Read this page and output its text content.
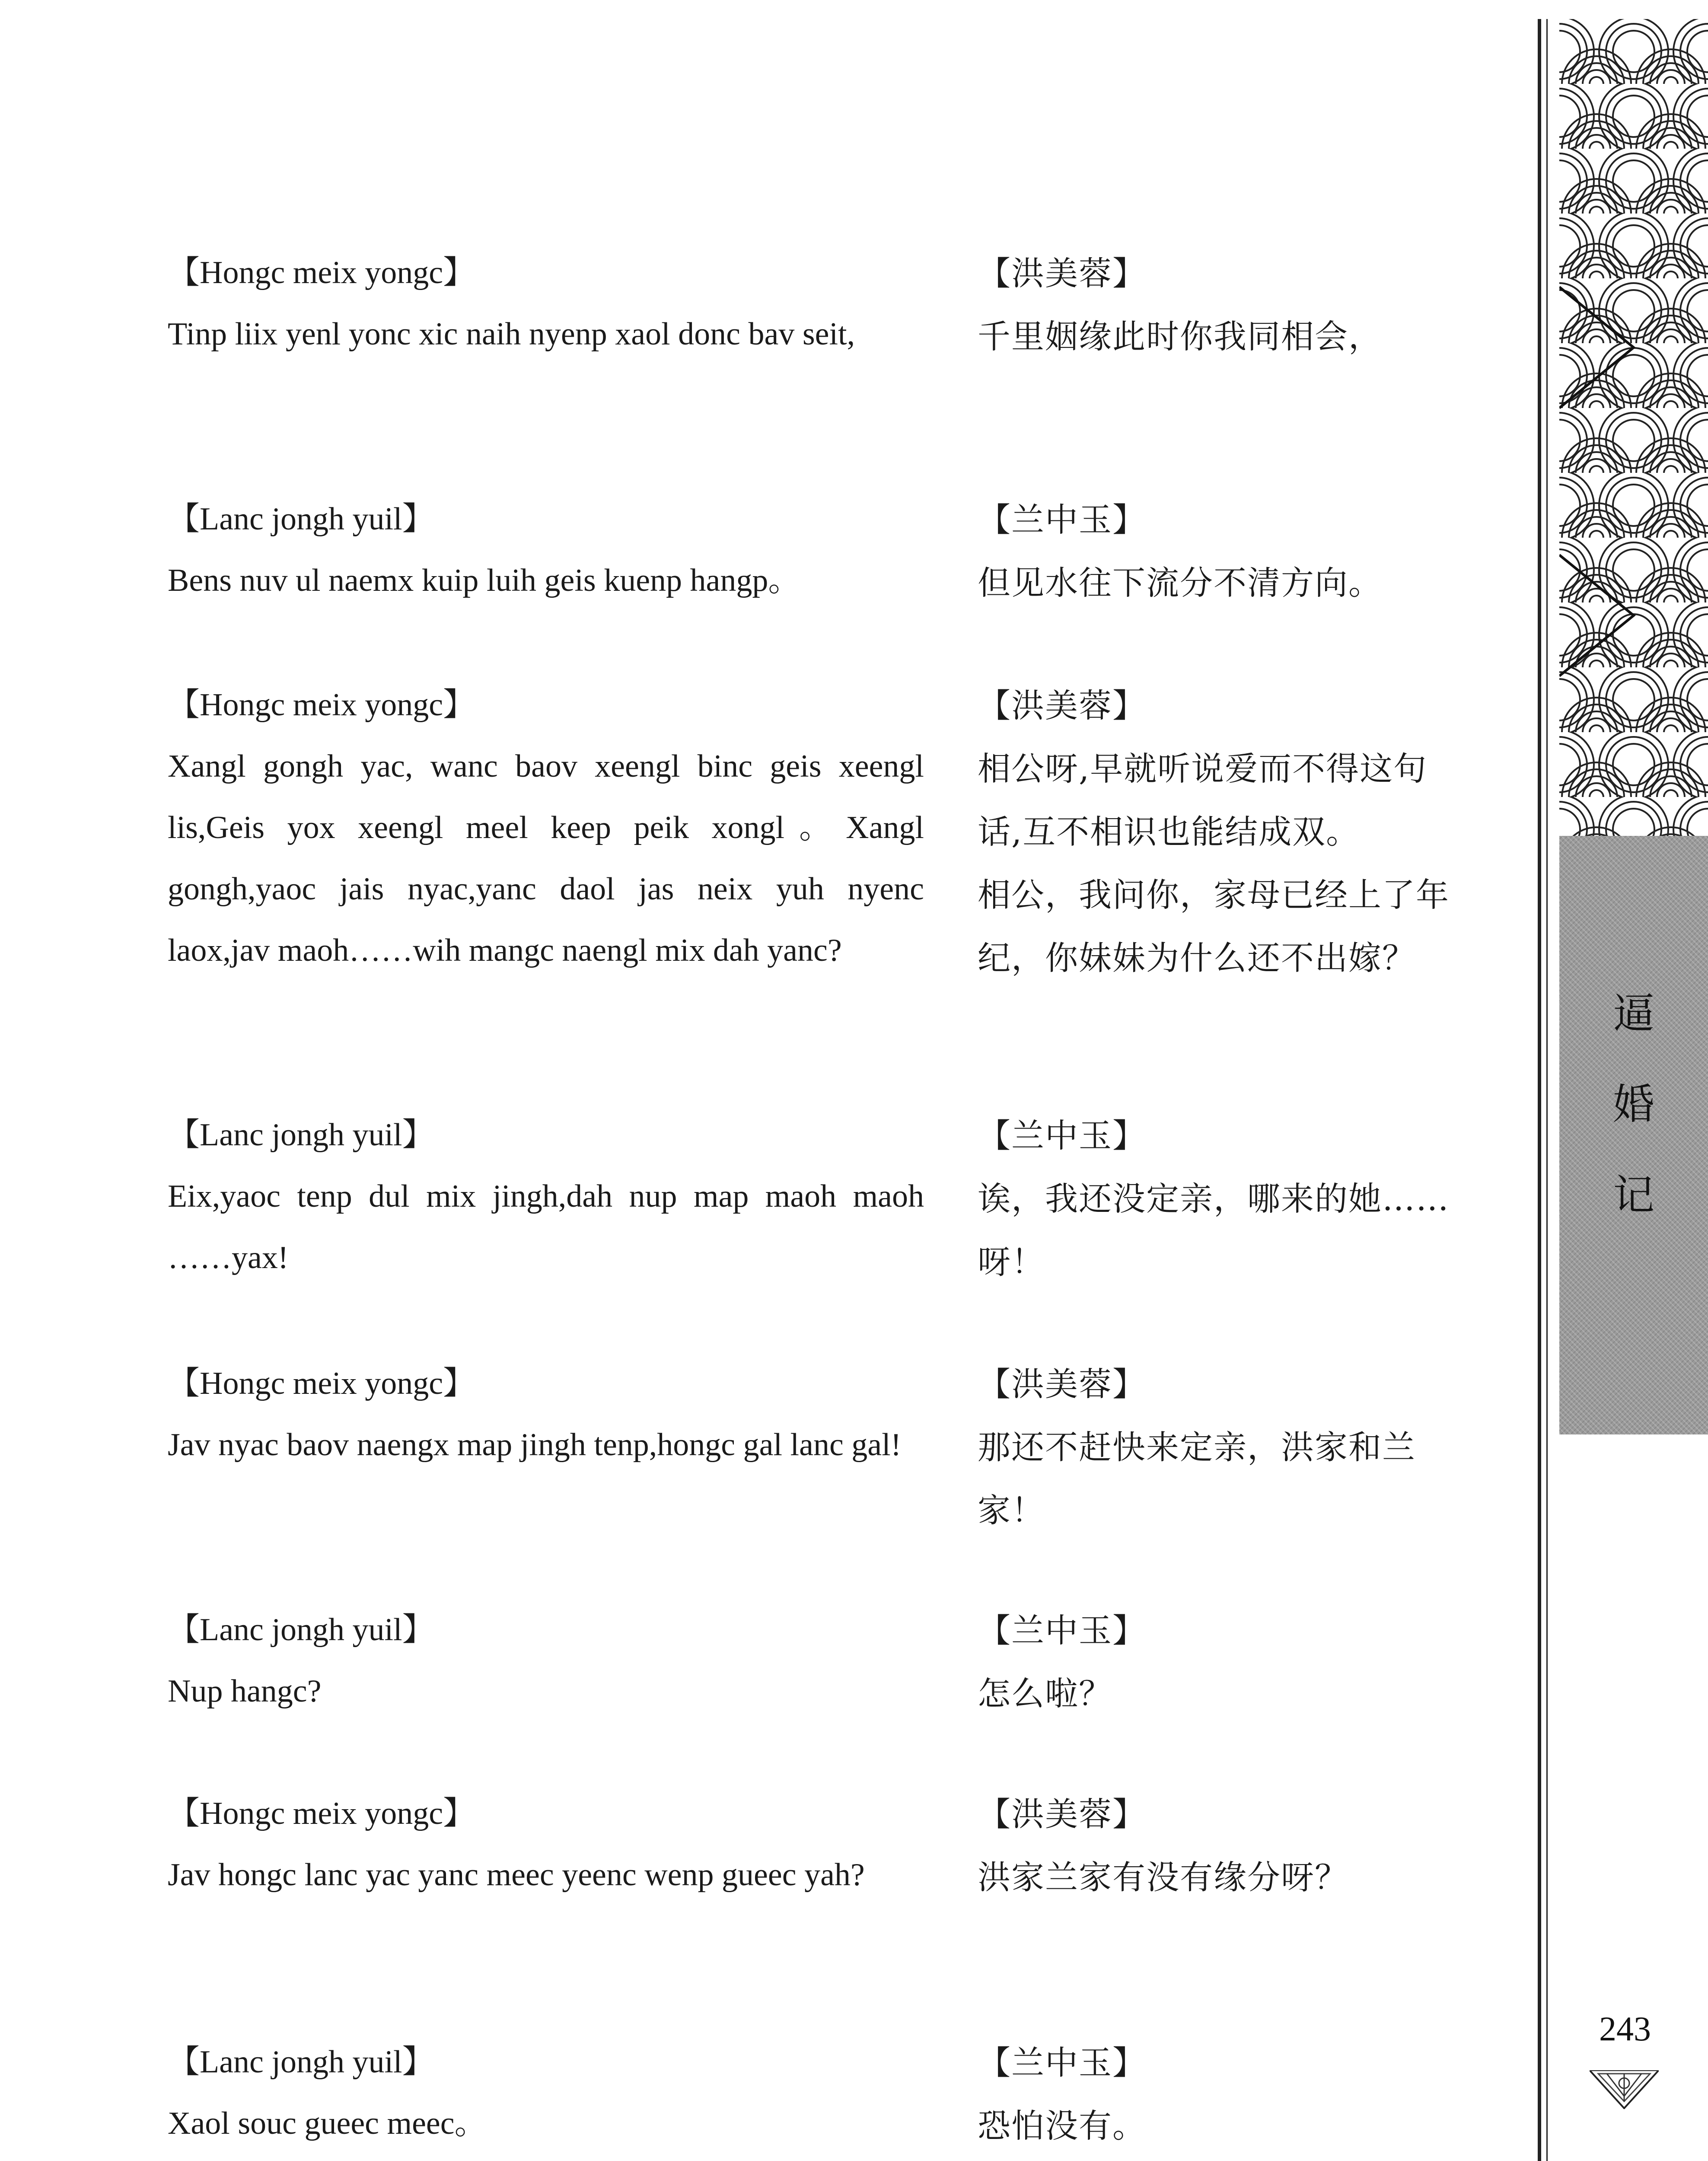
【Hongc meix yongc】
Tinp liix yenl yonc xic naih nyenp xaol donc bav seit,
【洪美蓉】
千里姻缘此时你我同相会，
【Lanc jongh yuil】
Bens nuv ul naemx kuip luih geis kuenp hangp。
【兰中玉】
但见水往下流分不清方向。
【Hongc meix yongc】
Xangl gongh yac, wanc baov xeengl binc geis xeengl lis,Geis yox xeengl meel keep peik xongl。Xangl gongh,yaoc jais nyac,yanc daol jas neix yuh nyenc laox,jav maoh……wih mangc naengl mix dah yanc?
【洪美蓉】
相公呀,早就听说爱而不得这句话,互不相识也能结成双。
相公，我问你，家母已经上了年纪，你妹妹为什么还不出嫁？
【Lanc jongh yuil】
Eix,yaoc tenp dul mix jingh,dah nup map maoh maoh ……yax!
【兰中玉】
诶，我还没定亲，哪来的她……呀！
【Hongc meix yongc】
Jav nyac baov naengx map jingh tenp,hongc gal lanc gal!
【洪美蓉】
那还不赶快来定亲，洪家和兰家！
【Lanc jongh yuil】
Nup hangc?
【兰中玉】
怎么啦？
【Hongc meix yongc】
Jav hongc lanc yac yanc meec yeenc wenp gueec yah?
【洪美蓉】
洪家兰家有没有缘分呀？
【Lanc jongh yuil】
Xaol souc gueec meec。
【兰中玉】
恐怕没有。
逼
婚
记
243
